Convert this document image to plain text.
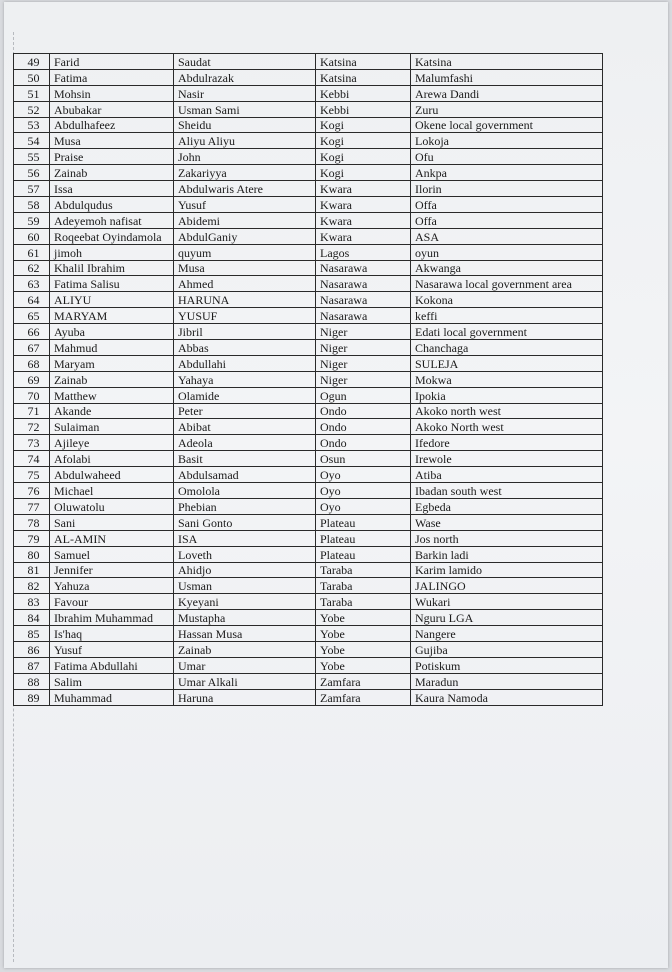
49	Farid	Saudat	Katsina	Katsina
50	Fatima	Abdulrazak	Katsina	Malumfashi
51	Mohsin	Nasir	Kebbi	Arewa Dandi
52	Abubakar	Usman Sami	Kebbi	Zuru
53	Abdulhafeez	Sheidu	Kogi	Okene local government
54	Musa	Aliyu Aliyu	Kogi	Lokoja
55	Praise	John	Kogi	Ofu
56	Zainab	Zakariyya	Kogi	Ankpa
57	Issa	Abdulwaris Atere	Kwara	Ilorin
58	Abdulqudus	Yusuf	Kwara	Offa
59	Adeyemoh nafisat	Abidemi	Kwara	Offa
60	Roqeebat Oyindamola	AbdulGaniy	Kwara	ASA
61	jimoh	quyum	Lagos	oyun
62	Khalil Ibrahim	Musa	Nasarawa	Akwanga
63	Fatima Salisu	Ahmed	Nasarawa	Nasarawa local government area
64	ALIYU	HARUNA	Nasarawa	Kokona
65	MARYAM	YUSUF	Nasarawa	keffi
66	Ayuba	Jibril	Niger	Edati local government
67	Mahmud	Abbas	Niger	Chanchaga
68	Maryam	Abdullahi	Niger	SULEJA
69	Zainab	Yahaya	Niger	Mokwa
70	Matthew	Olamide	Ogun	Ipokia
71	Akande	Peter	Ondo	Akoko north west
72	Sulaiman	Abibat	Ondo	Akoko North west
73	Ajileye	Adeola	Ondo	Ifedore
74	Afolabi	Basit	Osun	Irewole
75	Abdulwaheed	Abdulsamad	Oyo	Atiba
76	Michael	Omolola	Oyo	Ibadan south west
77	Oluwatolu	Phebian	Oyo	Egbeda
78	Sani	Sani Gonto	Plateau	Wase
79	AL-AMIN	ISA	Plateau	Jos north
80	Samuel	Loveth	Plateau	Barkin ladi
81	Jennifer	Ahidjo	Taraba	Karim lamido
82	Yahuza	Usman	Taraba	JALINGO
83	Favour	Kyeyani	Taraba	Wukari
84	Ibrahim Muhammad	Mustapha	Yobe	Nguru LGA
85	Is'haq	Hassan Musa	Yobe	Nangere
86	Yusuf	Zainab	Yobe	Gujiba
87	Fatima Abdullahi	Umar	Yobe	Potiskum
88	Salim	Umar Alkali	Zamfara	Maradun
89	Muhammad	Haruna	Zamfara	Kaura Namoda
